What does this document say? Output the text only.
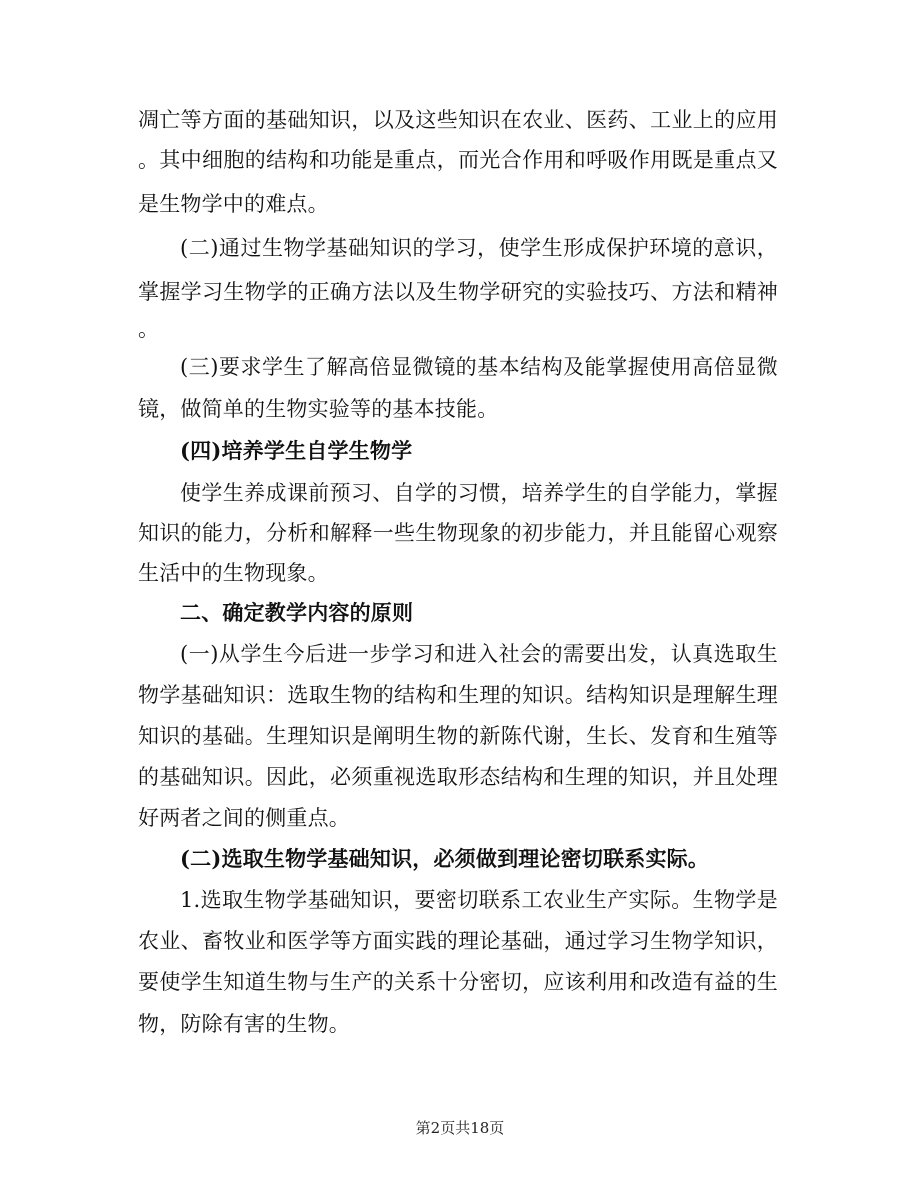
凋亡等方面的基础知识，以及这些知识在农业、医药、工业上的应用
。其中细胞的结构和功能是重点，而光合作用和呼吸作用既是重点又
是生物学中的难点。
(二)通过生物学基础知识的学习，使学生形成保护环境的意识，
掌握学习生物学的正确方法以及生物学研究的实验技巧、方法和精神
。
(三)要求学生了解高倍显微镜的基本结构及能掌握使用高倍显微
镜，做简单的生物实验等的基本技能。
(四)培养学生自学生物学
使学生养成课前预习、自学的习惯，培养学生的自学能力，掌握
知识的能力，分析和解释一些生物现象的初步能力，并且能留心观察
生活中的生物现象。
二、确定教学内容的原则
(一)从学生今后进一步学习和进入社会的需要出发，认真选取生
物学基础知识：选取生物的结构和生理的知识。结构知识是理解生理
知识的基础。生理知识是阐明生物的新陈代谢，生长、发育和生殖等
的基础知识。因此，必须重视选取形态结构和生理的知识，并且处理
好两者之间的侧重点。
(二)选取生物学基础知识，必须做到理论密切联系实际。
1.选取生物学基础知识，要密切联系工农业生产实际。生物学是
农业、畜牧业和医学等方面实践的理论基础，通过学习生物学知识，
要使学生知道生物与生产的关系十分密切，应该利用和改造有益的生
物，防除有害的生物。
第2页共18页
